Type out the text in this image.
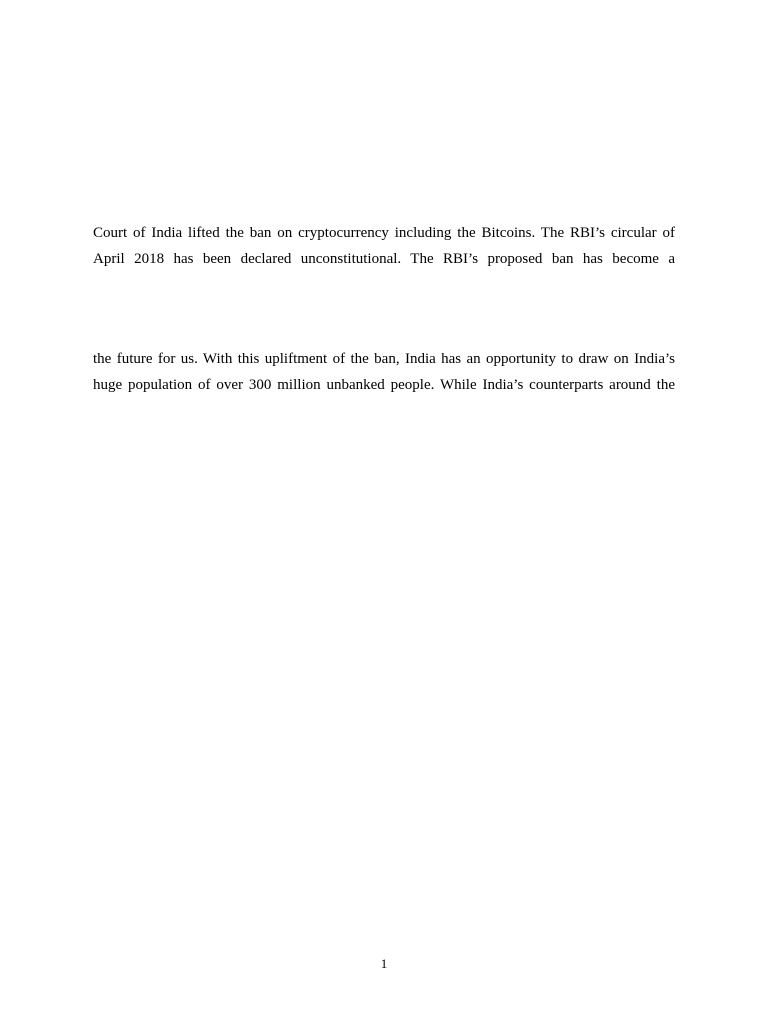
Court of India lifted the ban on cryptocurrency including the Bitcoins. The RBI’s circular of
April 2018 has been declared unconstitutional. The RBI’s proposed ban has become a
the future for us. With this upliftment of the ban, India has an opportunity to draw on India’s
huge population of over 300 million unbanked people. While India’s counterparts around the
1
